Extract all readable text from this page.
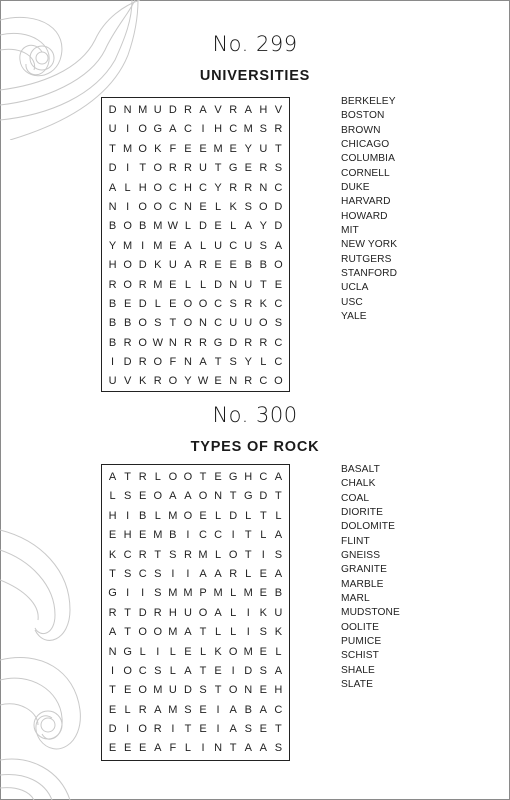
No. 299
UNIVERSITIES
D N M U D R A V R A H V
U I O G A C I H C M S R
T M O K F E E M E Y U T
D I T O R R U T G E R S
A L H O C H C Y R R N C
N I O O C N E L K S O D
B O B M W L D E L A Y D
Y M I M E A L U C U S A
H O D K U A R E E B B O
R O R M E L L D N U T E
B E D L E O O C S R K C
B B O S T O N C U U O S
B R O W N R R G D R R C
I D R O F N A T S Y L C
U V K R O Y W E N R C O
BERKELEY
BOSTON
BROWN
CHICAGO
COLUMBIA
CORNELL
DUKE
HARVARD
HOWARD
MIT
NEW YORK
RUTGERS
STANFORD
UCLA
USC
YALE
No. 300
TYPES OF ROCK
A T R L O O T E G H C A
L S E O A A O N T G D T
H I B L M O E L D L T L
E H E M B I C C I T L A
K C R T S R M L O T I S
T S C S I	I A A R L E A
G I	I S M M P M L M E B
R T D R H U O A L I K U
A T O O M A T L L I S K
N G L I L E L K O M E L
I O C S L A T E I D S A
T E O M U D S T O N E H
E L R A M S E I A B A C
D I O R I T E I A S E T
E E E A F L I N T A A S
BASALT
CHALK
COAL
DIORITE
DOLOMITE
FLINT
GNEISS
GRANITE
MARBLE
MARL
MUDSTONE
OOLITE
PUMICE
SCHIST
SHALE
SLATE
